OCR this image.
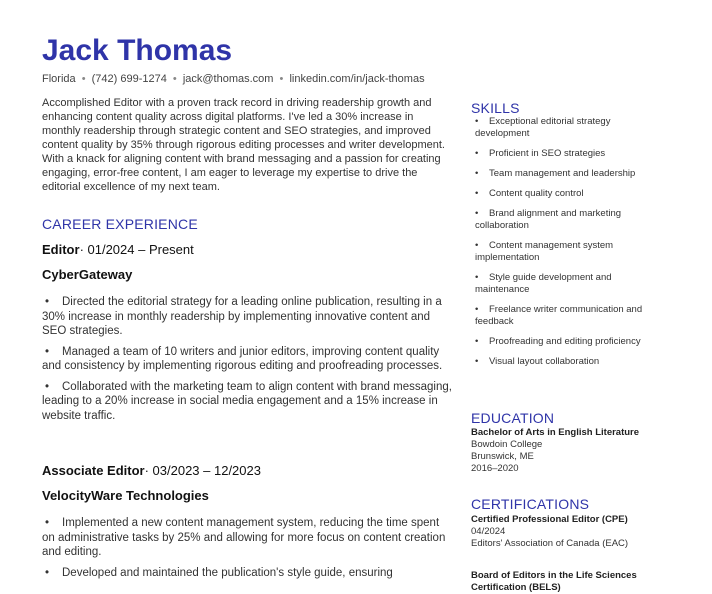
Jack Thomas
Florida • (742) 699-1274 • jack@thomas.com • linkedin.com/in/jack-thomas

Accomplished Editor with a proven track record in driving readership growth and enhancing content quality across digital platforms. I've led a 30% increase in monthly readership through strategic content and SEO strategies, and improved content quality by 35% through rigorous editing processes and writer development. With a knack for aligning content with brand messaging and a passion for creating engaging, error-free content, I am eager to leverage my expertise to drive the editorial excellence of my next team.

CAREER EXPERIENCE
Editor· 01/2024 – Present
CyberGateway
• Directed the editorial strategy for a leading online publication, resulting in a 30% increase in monthly readership by implementing innovative content and SEO strategies.
• Managed a team of 10 writers and junior editors, improving content quality and consistency by implementing rigorous editing and proofreading processes.
• Collaborated with the marketing team to align content with brand messaging, leading to a 20% increase in social media engagement and a 15% increase in website traffic.
Associate Editor· 03/2023 – 12/2023
VelocityWare Technologies
• Implemented a new content management system, reducing the time spent on administrative tasks by 25% and allowing for more focus on content creation and editing.
• Developed and maintained the publication's style guide, ensuring
SKILLS
• Exceptional editorial strategy development
• Proficient in SEO strategies
• Team management and leadership
• Content quality control
• Brand alignment and marketing collaboration
• Content management system implementation
• Style guide development and maintenance
• Freelance writer communication and feedback
• Proofreading and editing proficiency
• Visual layout collaboration
EDUCATION
Bachelor of Arts in English Literature
Bowdoin College
Brunswick, ME
2016–2020
CERTIFICATIONS
Certified Professional Editor (CPE)
04/2024
Editors' Association of Canada (EAC)
Board of Editors in the Life Sciences Certification (BELS)
